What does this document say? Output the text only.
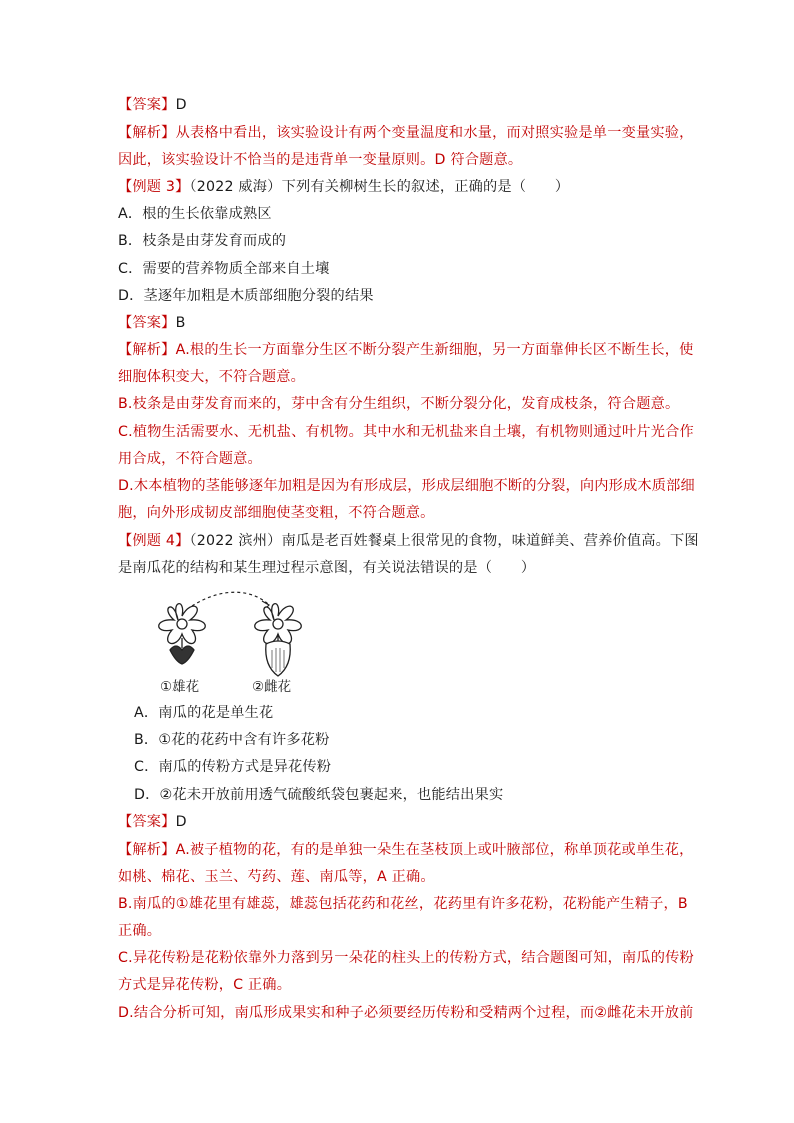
【答案】D
【解析】从表格中看出，该实验设计有两个变量温度和水量，而对照实验是单一变量实验，
因此，该实验设计不恰当的是违背单一变量原则。D 符合题意。
【例题 3】（2022 威海）下列有关柳树生长的叙述，正确的是（　　）
A．根的生长依靠成熟区
B．枝条是由芽发育而成的
C．需要的营养物质全部来自土壤
D．茎逐年加粗是木质部细胞分裂的结果
【答案】B
【解析】A.根的生长一方面靠分生区不断分裂产生新细胞，另一方面靠伸长区不断生长，使
细胞体积变大，不符合题意。
B.枝条是由芽发育而来的，芽中含有分生组织，不断分裂分化，发育成枝条，符合题意。
C.植物生活需要水、无机盐、有机物。其中水和无机盐来自土壤，有机物则通过叶片光合作
用合成，不符合题意。
D.木本植物的茎能够逐年加粗是因为有形成层，形成层细胞不断的分裂，向内形成木质部细
胞，向外形成韧皮部细胞使茎变粗，不符合题意。
【例题 4】（2022 滨州）南瓜是老百姓餐桌上很常见的食物，味道鲜美、营养价值高。下图
是南瓜花的结构和某生理过程示意图，有关说法错误的是（　　）
A．南瓜的花是单生花
B．①花的花药中含有许多花粉
C．南瓜的传粉方式是异花传粉
D．②花未开放前用透气硫酸纸袋包裹起来，也能结出果实
【答案】D
【解析】A.被子植物的花，有的是单独一朵生在茎枝顶上或叶腋部位，称单顶花或单生花，
如桃、棉花、玉兰、芍药、莲、南瓜等，A 正确。
B.南瓜的①雄花里有雄蕊，雄蕊包括花药和花丝，花药里有许多花粉，花粉能产生精子，B
正确。
C.异花传粉是花粉依靠外力落到另一朵花的柱头上的传粉方式，结合题图可知，南瓜的传粉
方式是异花传粉，C 正确。
D.结合分析可知，南瓜形成果实和种子必须要经历传粉和受精两个过程，而②雌花未开放前
①雄花	②雌花
